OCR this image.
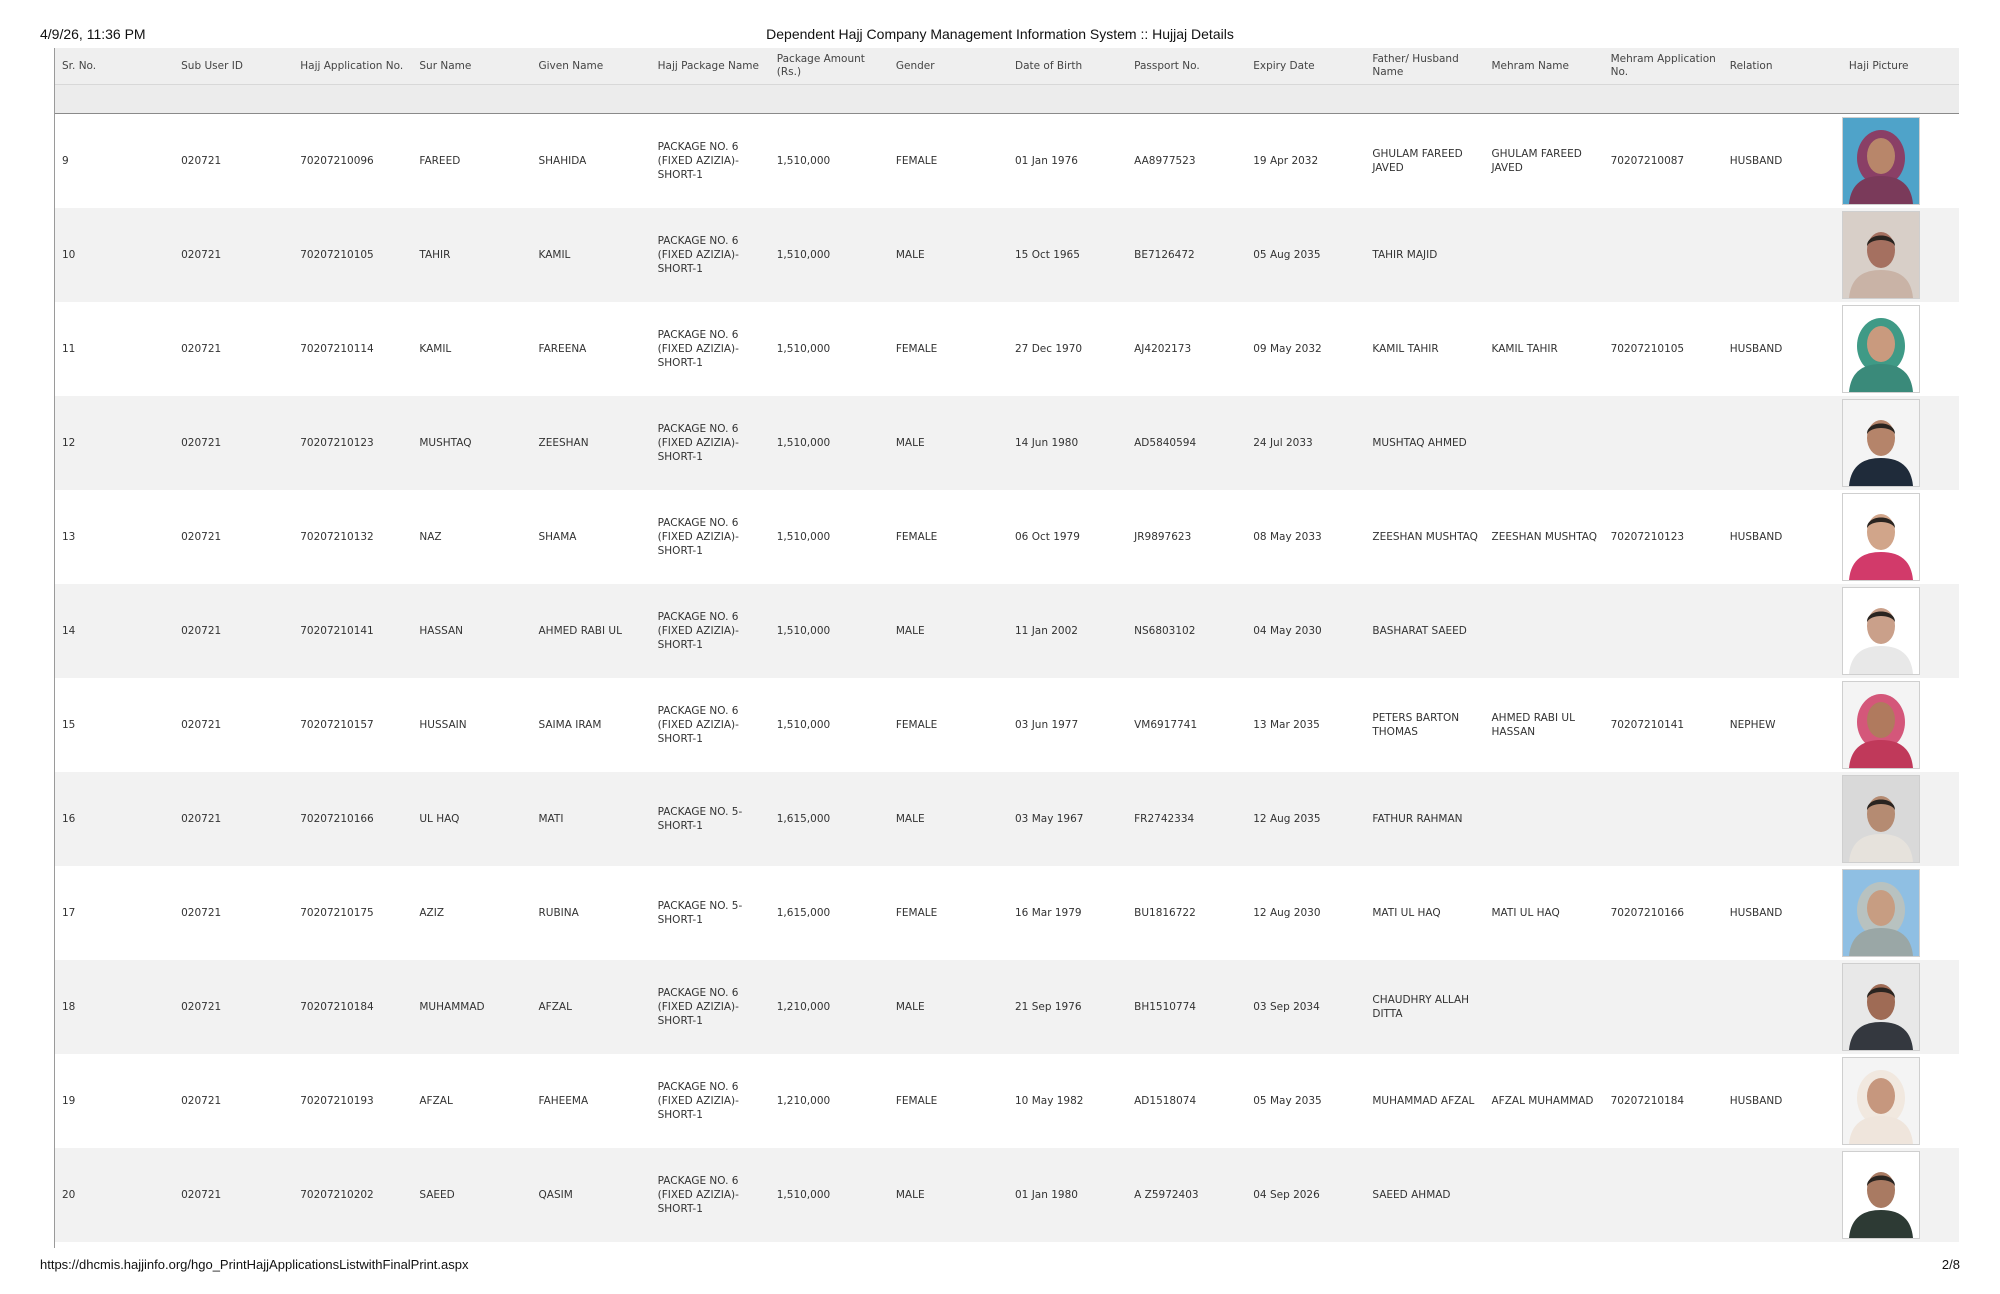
4/9/26, 11:36 PM	Dependent Hajj Company Management Information System :: Hujjaj Details
Sr. No.	Sub User ID	Hajj Application No.	Sur Name	Given Name	Hajj Package Name	Package Amount (Rs.)	Gender	Date of Birth	Passport No.	Expiry Date	Father/ Husband Name	Mehram Name	Mehram Application No.	Relation	Haji Picture

9	020721	70207210096	FAREED	SHAHIDA	PACKAGE NO. 6 (FIXED AZIZIA)-SHORT-1	1,510,000	FEMALE	01 Jan 1976	AA8977523	19 Apr 2032	GHULAM FAREED JAVED	GHULAM FAREED JAVED	70207210087	HUSBAND	

10	020721	70207210105	TAHIR	KAMIL	PACKAGE NO. 6 (FIXED AZIZIA)-SHORT-1	1,510,000	MALE	15 Oct 1965	BE7126472	05 Aug 2035	TAHIR MAJID				

11	020721	70207210114	KAMIL	FAREENA	PACKAGE NO. 6 (FIXED AZIZIA)-SHORT-1	1,510,000	FEMALE	27 Dec 1970	AJ4202173	09 May 2032	KAMIL TAHIR	KAMIL TAHIR	70207210105	HUSBAND	

12	020721	70207210123	MUSHTAQ	ZEESHAN	PACKAGE NO. 6 (FIXED AZIZIA)-SHORT-1	1,510,000	MALE	14 Jun 1980	AD5840594	24 Jul 2033	MUSHTAQ AHMED				

13	020721	70207210132	NAZ	SHAMA	PACKAGE NO. 6 (FIXED AZIZIA)-SHORT-1	1,510,000	FEMALE	06 Oct 1979	JR9897623	08 May 2033	ZEESHAN MUSHTAQ	ZEESHAN MUSHTAQ	70207210123	HUSBAND	

14	020721	70207210141	HASSAN	AHMED RABI UL	PACKAGE NO. 6 (FIXED AZIZIA)-SHORT-1	1,510,000	MALE	11 Jan 2002	NS6803102	04 May 2030	BASHARAT SAEED				

15	020721	70207210157	HUSSAIN	SAIMA IRAM	PACKAGE NO. 6 (FIXED AZIZIA)-SHORT-1	1,510,000	FEMALE	03 Jun 1977	VM6917741	13 Mar 2035	PETERS BARTON THOMAS	AHMED RABI UL HASSAN	70207210141	NEPHEW	

16	020721	70207210166	UL HAQ	MATI	PACKAGE NO. 5-SHORT-1	1,615,000	MALE	03 May 1967	FR2742334	12 Aug 2035	FATHUR RAHMAN				

17	020721	70207210175	AZIZ	RUBINA	PACKAGE NO. 5-SHORT-1	1,615,000	FEMALE	16 Mar 1979	BU1816722	12 Aug 2030	MATI UL HAQ	MATI UL HAQ	70207210166	HUSBAND	

18	020721	70207210184	MUHAMMAD	AFZAL	PACKAGE NO. 6 (FIXED AZIZIA)-SHORT-1	1,210,000	MALE	21 Sep 1976	BH1510774	03 Sep 2034	CHAUDHRY ALLAH DITTA				

19	020721	70207210193	AFZAL	FAHEEMA	PACKAGE NO. 6 (FIXED AZIZIA)-SHORT-1	1,210,000	FEMALE	10 May 1982	AD1518074	05 May 2035	MUHAMMAD AFZAL	AFZAL MUHAMMAD	70207210184	HUSBAND	

20	020721	70207210202	SAEED	QASIM	PACKAGE NO. 6 (FIXED AZIZIA)-SHORT-1	1,510,000	MALE	01 Jan 1980	A Z5972403	04 Sep 2026	SAEED AHMAD				
https://dhcmis.hajjinfo.org/hgo_PrintHajjApplicationsListwithFinalPrint.aspx	2/8
